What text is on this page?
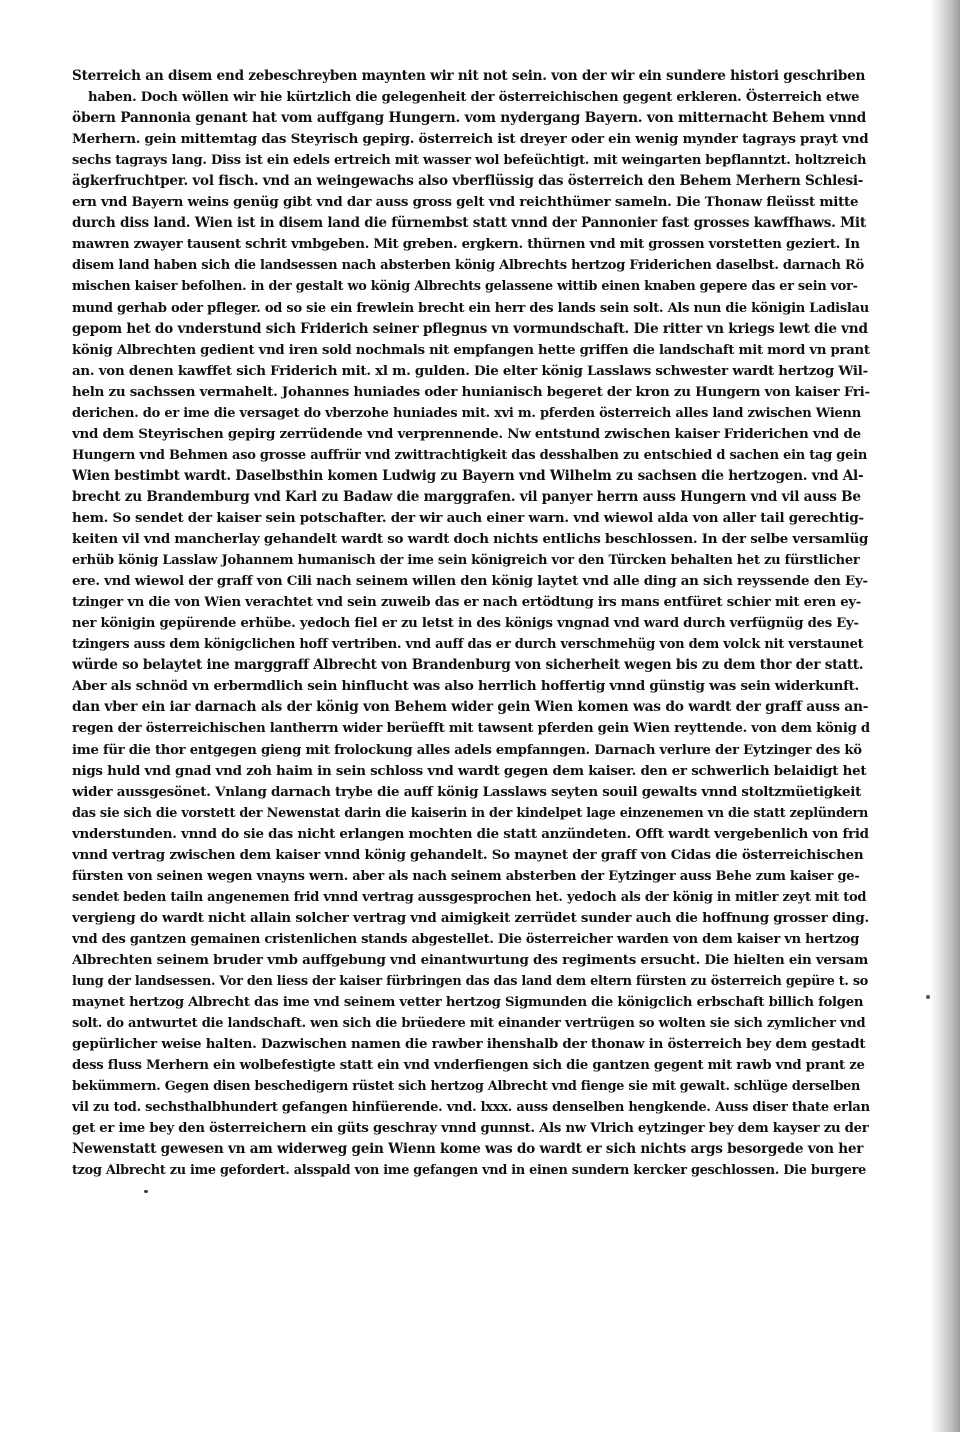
Sterreich an disem end zebeschreyben maynten wir nit not sein. von der wir ein sundere histori geschriben
haben. Doch wöllen wir hie kürtzlich die gelegenheit der österreichischen gegent erkleren. Österreich etwe
öbern Pannonia genant hat vom auffgang Hungern. vom nydergang Bayern. von mitternacht Behem vnnd
Merhern. gein mittemtag das Steyrisch gepirg. österreich ist dreyer oder ein wenig mynder tagrays prayt vnd
sechs tagrays lang. Diss ist ein edels ertreich mit wasser wol befeüchtigt. mit weingarten bepflanntzt. holtzreich
ägkerfruchtper. vol fisch. vnd an weingewachs also vberflüssig das österreich den Behem Merhern Schlesi-
ern vnd Bayern weins genüg gibt vnd dar auss gross gelt vnd reichthümer sameln. Die Thonaw fleüsst mitte
durch diss land. Wien ist in disem land die fürnembst statt vnnd der Pannonier fast grosses kawffhaws. Mit
mawren zwayer tausent schrit vmbgeben. Mit greben. ergkern. thürnen vnd mit grossen vorstetten geziert. In
disem land haben sich die landsessen nach absterben könig Albrechts hertzog Friderichen daselbst. darnach Rö
mischen kaiser befolhen. in der gestalt wo könig Albrechts gelassene wittib einen knaben gepere das er sein vor-
mund gerhab oder pfleger. od so sie ein frewlein brecht ein herr des lands sein solt. Als nun die königin Ladislau
gepom het do vnderstund sich Friderich seiner pflegnus vn vormundschaft. Die ritter vn kriegs lewt die vnd
könig Albrechten gedient vnd iren sold nochmals nit empfangen hette griffen die landschaft mit mord vn prant
an. von denen kawffet sich Friderich mit. xl m. gulden. Die elter könig Lasslaws schwester wardt hertzog Wil-
heln zu sachssen vermahelt. Johannes huniades oder hunianisch begeret der kron zu Hungern von kaiser Fri-
derichen. do er ime die versaget do vberzohe huniades mit. xvi m. pferden österreich alles land zwischen Wienn
vnd dem Steyrischen gepirg zerrüdende vnd verprennende. Nw entstund zwischen kaiser Friderichen vnd de
Hungern vnd Behmen aso grosse auffrür vnd zwittrachtigkeit das desshalben zu entschied d sachen ein tag gein
Wien bestimbt wardt. Daselbsthin komen Ludwig zu Bayern vnd Wilhelm zu sachsen die hertzogen. vnd Al-
brecht zu Brandemburg vnd Karl zu Badaw die marggrafen. vil panyer herrn auss Hungern vnd vil auss Be
hem. So sendet der kaiser sein potschafter. der wir auch einer warn. vnd wiewol alda von aller tail gerechtig-
keiten vil vnd mancherlay gehandelt wardt so wardt doch nichts entlichs beschlossen. In der selbe versamlüg
erhüb könig Lasslaw Johannem humanisch der ime sein königreich vor den Türcken behalten het zu fürstlicher
ere. vnd wiewol der graff von Cili nach seinem willen den könig laytet vnd alle ding an sich reyssende den Ey-
tzinger vn die von Wien verachtet vnd sein zuweib das er nach ertödtung irs mans entfüret schier mit eren ey-
ner königin gepürende erhübe. yedoch fiel er zu letst in des königs vngnad vnd ward durch verfügnüg des Ey-
tzingers auss dem königclichen hoff vertriben. vnd auff das er durch verschmehüg von dem volck nit verstaunet
würde so belaytet ine marggraff Albrecht von Brandenburg von sicherheit wegen bis zu dem thor der statt.
Aber als schnöd vn erbermdlich sein hinflucht was also herrlich hoffertig vnnd günstig was sein widerkunft.
dan vber ein iar darnach als der könig von Behem wider gein Wien komen was do wardt der graff auss an-
regen der österreichischen lantherrn wider berüefft mit tawsent pferden gein Wien reyttende. von dem könig d
ime für die thor entgegen gieng mit frolockung alles adels empfanngen. Darnach verlure der Eytzinger des kö
nigs huld vnd gnad vnd zoh haim in sein schloss vnd wardt gegen dem kaiser. den er schwerlich belaidigt het
wider aussgesönet. Vnlang darnach trybe die auff könig Lasslaws seyten souil gewalts vnnd stoltzmüetigkeit
das sie sich die vorstett der Newenstat darin die kaiserin in der kindelpet lage einzenemen vn die statt zeplündern
vnderstunden. vnnd do sie das nicht erlangen mochten die statt anzündeten. Offt wardt vergebenlich von frid
vnnd vertrag zwischen dem kaiser vnnd könig gehandelt. So maynet der graff von Cidas die österreichischen
fürsten von seinen wegen vnayns wern. aber als nach seinem absterben der Eytzinger auss Behe zum kaiser ge-
sendet beden tailn angenemen frid vnnd vertrag aussgesprochen het. yedoch als der könig in mitler zeyt mit tod
vergieng do wardt nicht allain solcher vertrag vnd aimigkeit zerrüdet sunder auch die hoffnung grosser ding.
vnd des gantzen gemainen cristenlichen stands abgestellet. Die österreicher warden von dem kaiser vn hertzog
Albrechten seinem bruder vmb auffgebung vnd einantwurtung des regiments ersucht. Die hielten ein versam
lung der landsessen. Vor den liess der kaiser fürbringen das das land dem eltern fürsten zu österreich gepüre t. so
maynet hertzog Albrecht das ime vnd seinem vetter hertzog Sigmunden die königclich erbschaft billich folgen
solt. do antwurtet die landschaft. wen sich die brüedere mit einander vertrügen so wolten sie sich zymlicher vnd
gepürlicher weise halten. Dazwischen namen die rawber ihenshalb der thonaw in österreich bey dem gestadt
dess fluss Merhern ein wolbefestigte statt ein vnd vnderfiengen sich die gantzen gegent mit rawb vnd prant ze
bekümmern. Gegen disen beschedigern rüstet sich hertzog Albrecht vnd fienge sie mit gewalt. schlüge derselben
vil zu tod. sechsthalbhundert gefangen hinfüerende. vnd. lxxx. auss denselben hengkende. Auss diser thate erlan
get er ime bey den österreichern ein güts geschray vnnd gunnst. Als nw Vlrich eytzinger bey dem kayser zu der
Newenstatt gewesen vn am widerweg gein Wienn kome was do wardt er sich nichts args besorgede von her
tzog Albrecht zu ime gefordert. alsspald von ime gefangen vnd in einen sundern kercker geschlossen. Die burgere
